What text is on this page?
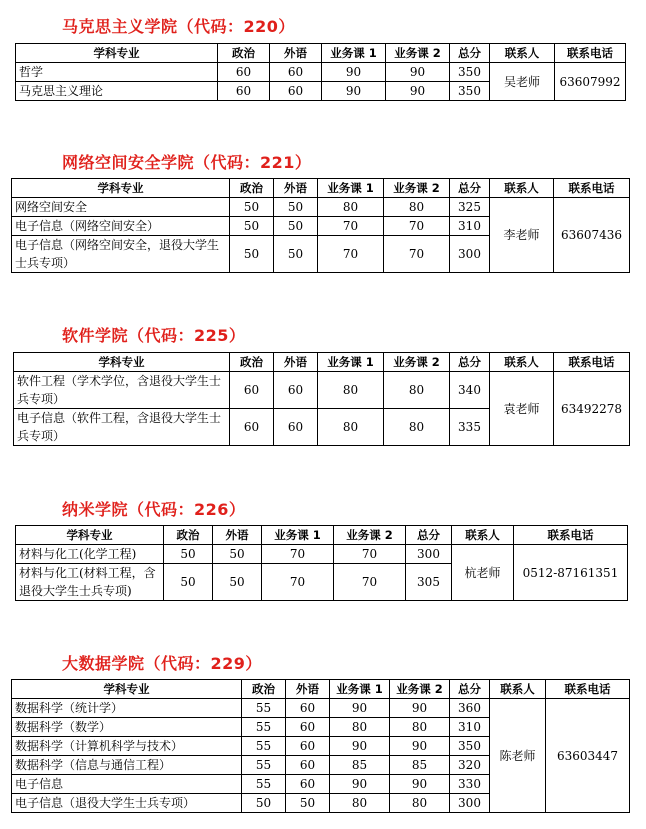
马克思主义学院（代码：220）
学科专业	政治	外语	业务课 1	业务课 2	总分	联系人	联系电话
哲学	60	60	90	90	350	吴老师	63607992
马克思主义理论	60	60	90	90	350		
网络空间安全学院（代码：221）
学科专业	政治	外语	业务课 1	业务课 2	总分	联系人	联系电话
网络空间安全	50	50	80	80	325	李老师	63607436
电子信息（网络空间安全）	50	50	70	70	310		
电子信息（网络空间安全，退役大学生士兵专项）	50	50	70	70	300		
软件学院（代码：225）
学科专业	政治	外语	业务课 1	业务课 2	总分	联系人	联系电话
软件工程（学术学位，含退役大学生士兵专项）	60	60	80	80	340	袁老师	63492278
电子信息（软件工程，含退役大学生士兵专项）	60	60	80	80	335		
纳米学院（代码：226）
学科专业	政治	外语	业务课 1	业务课 2	总分	联系人	联系电话
材料与化工(化学工程)	50	50	70	70	300	杭老师	0512-87161351
材料与化工(材料工程，含退役大学生士兵专项)	50	50	70	70	305		
大数据学院（代码：229）
学科专业	政治	外语	业务课 1	业务课 2	总分	联系人	联系电话
数据科学（统计学）	55	60	90	90	360	陈老师	63603447
数据科学（数学）	55	60	80	80	310		
数据科学（计算机科学与技术）	55	60	90	90	350		
数据科学（信息与通信工程）	55	60	85	85	320		
电子信息	55	60	90	90	330		
电子信息（退役大学生士兵专项）	50	50	80	80	300		
